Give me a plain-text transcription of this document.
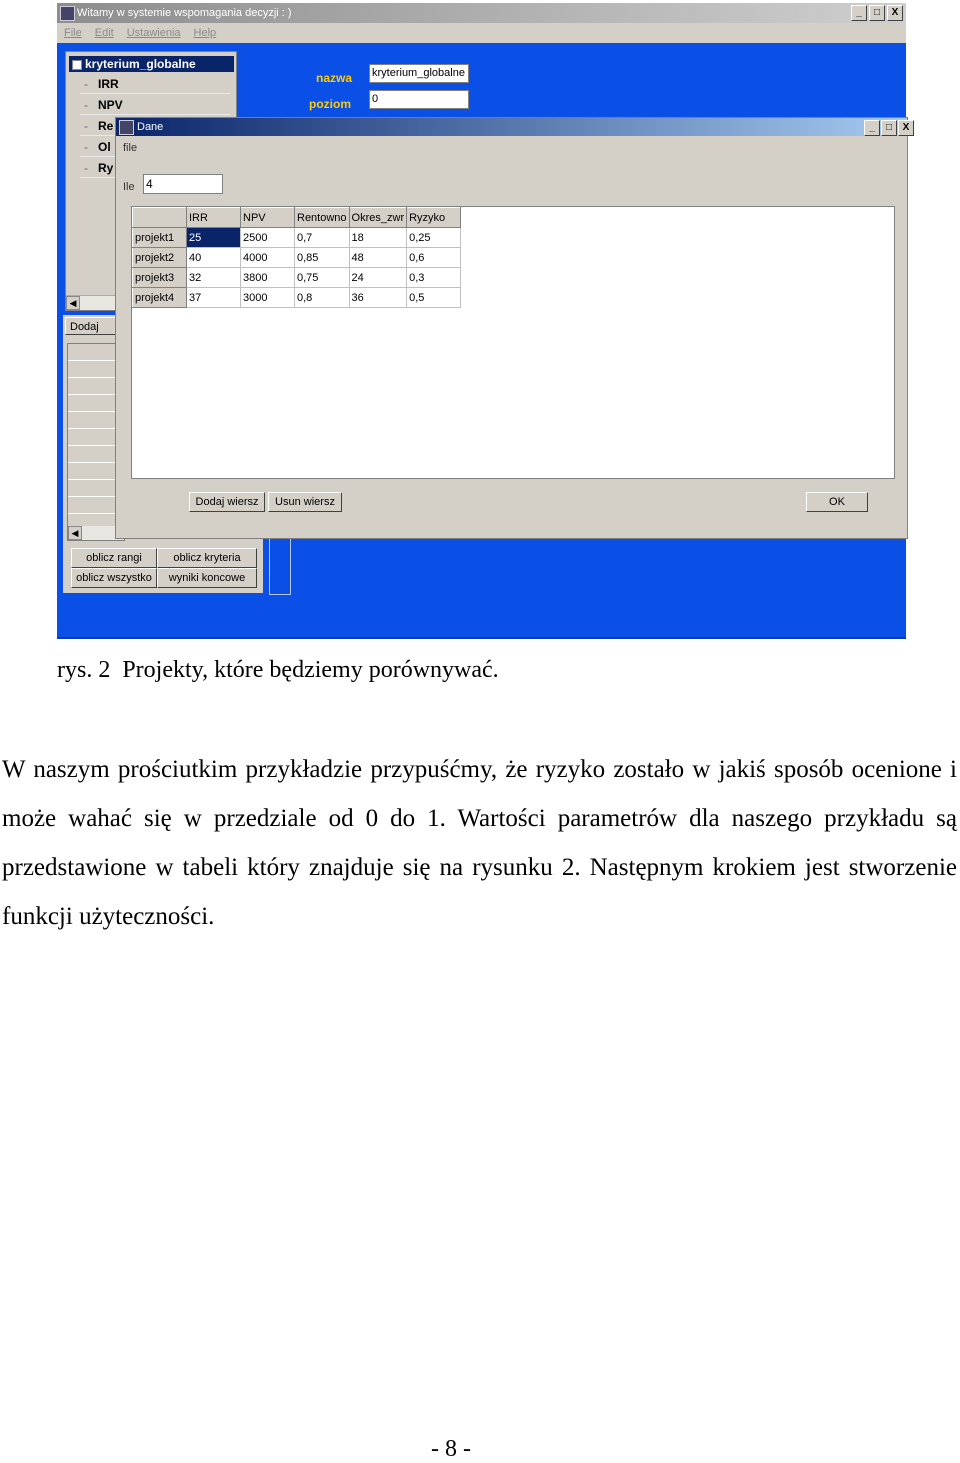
Witamy w systemie wspomagania decyzji : )	_	□	X
File Edit Ustawienia Help
kryterium_globalne
- IRR
- NPV
- Re
- Ol
- Ry
◀
nazwa kryterium_globalne
poziom 0
Dodaj
◀
oblicz rangi	oblicz kryteria
oblicz wszystko	wyniki koncowe
Dane	_	□	X
file
Ile 4
	IRR	NPV	Rentowno	Okres_zwr	Ryzyko
projekt1	25	2500	0,7	18	0,25
projekt2	40	4000	0,85	48	0,6
projekt3	32	3800	0,75	24	0,3
projekt4	37	3000	0,8	36	0,5
Dodaj wiersz	Usun wiersz	OK
rys. 2  Projekty, które będziemy porównywać.

W naszym prościutkim przykładzie przypuśćmy, że ryzyko zostało w jakiś sposób ocenione i może wahać się w przedziale od 0 do 1. Wartości parametrów dla naszego przykładu są przedstawione w tabeli który znajduje się na rysunku 2. Następnym krokiem jest stworzenie funkcji użyteczności.

- 8 -
